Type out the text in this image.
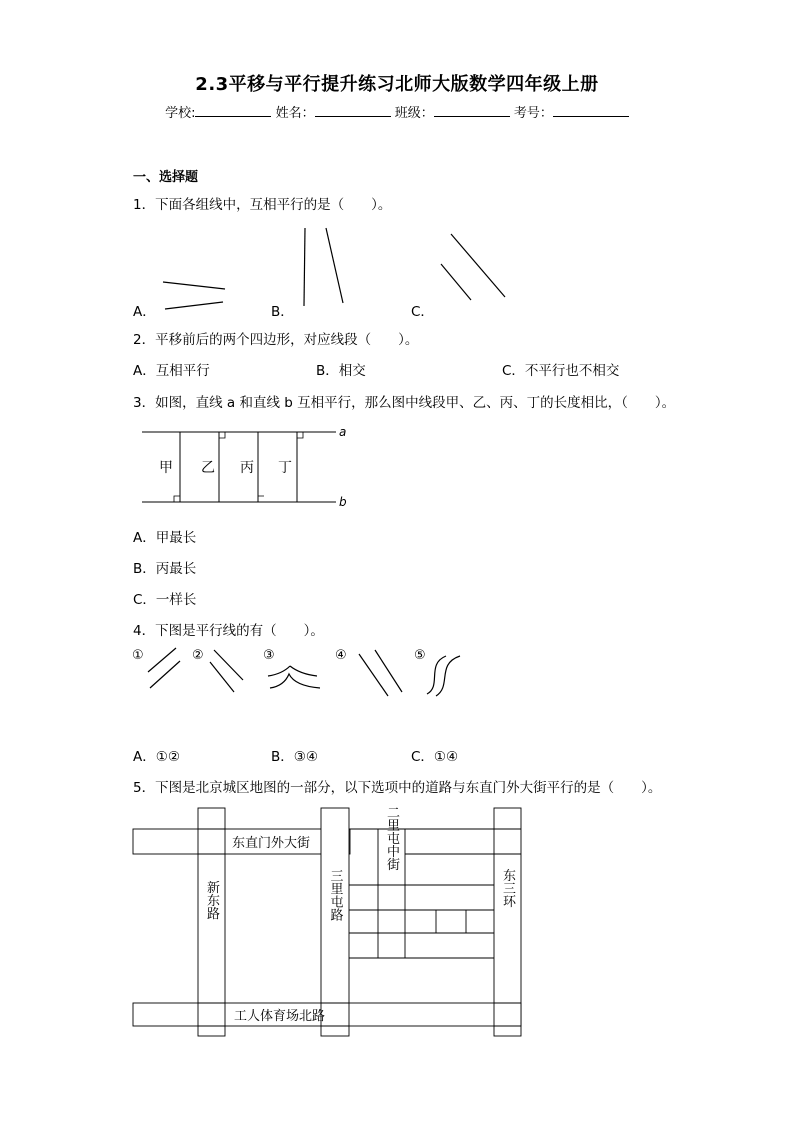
2.3平移与平行提升练习北师大版数学四年级上册
学校:	姓名：	班级：	考号：
一、选择题
1．下面各组线中，互相平行的是（　　）。
A．	B．	C．
2．平移前后的两个四边形，对应线段（　　）。
A．互相平行	B．相交	C．不平行也不相交
3．如图，直线 a 和直线 b 互相平行，那么图中线段甲、乙、丙、丁的长度相比，（　　）。
a
b
甲 乙 丙 丁
A．甲最长
B．丙最长
C．一样长
4．下图是平行线的有（　　）。
①	②	③	④	⑤
A．①②	B．③④	C．①④
5．下图是北京城区地图的一部分，以下选项中的道路与东直门外大街平行的是（　　）。
东直门外大街
工人体育场北路
新东路	三里屯路
二里屯中街
东三环
